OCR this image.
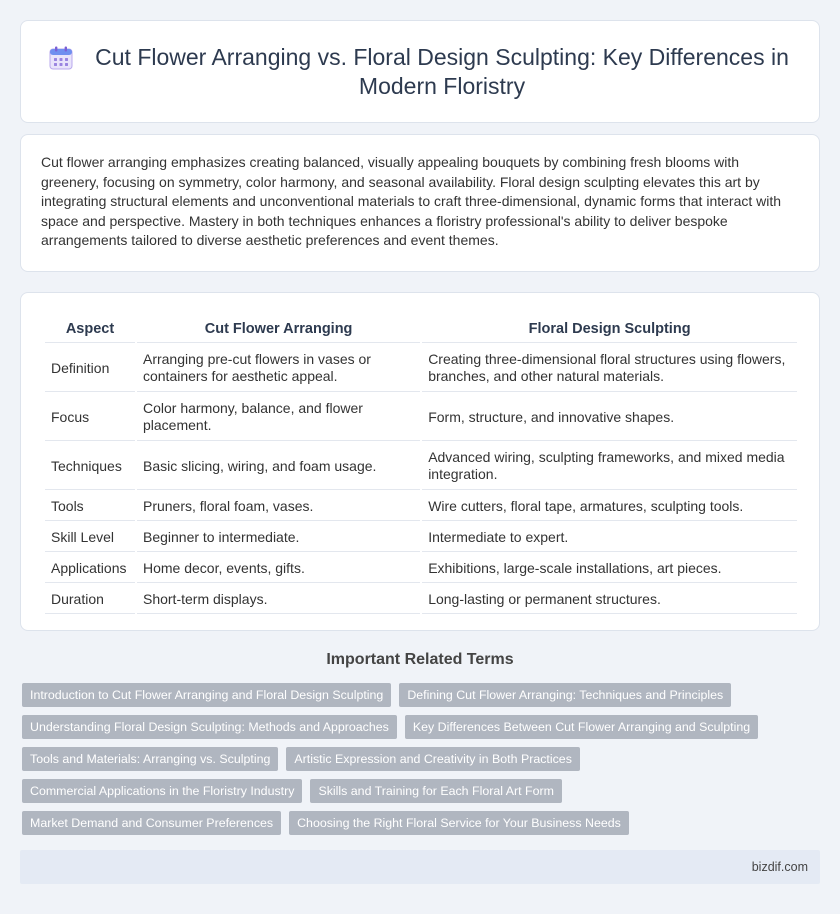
Cut Flower Arranging vs. Floral Design Sculpting: Key Differences in Modern Floristry

Cut flower arranging emphasizes creating balanced, visually appealing bouquets by combining fresh blooms with greenery, focusing on symmetry, color harmony, and seasonal availability. Floral design sculpting elevates this art by integrating structural elements and unconventional materials to craft three-dimensional, dynamic forms that interact with space and perspective. Mastery in both techniques enhances a floristry professional's ability to deliver bespoke arrangements tailored to diverse aesthetic preferences and event themes.

Aspect	Cut Flower Arranging	Floral Design Sculpting
Definition	Arranging pre-cut flowers in vases or containers for aesthetic appeal.	Creating three-dimensional floral structures using flowers, branches, and other natural materials.
Focus	Color harmony, balance, and flower placement.	Form, structure, and innovative shapes.
Techniques	Basic slicing, wiring, and foam usage.	Advanced wiring, sculpting frameworks, and mixed media integration.
Tools	Pruners, floral foam, vases.	Wire cutters, floral tape, armatures, sculpting tools.
Skill Level	Beginner to intermediate.	Intermediate to expert.
Applications	Home decor, events, gifts.	Exhibitions, large-scale installations, art pieces.
Duration	Short-term displays.	Long-lasting or permanent structures.
Important Related Terms
Introduction to Cut Flower Arranging and Floral Design Sculpting	Defining Cut Flower Arranging: Techniques and Principles
Understanding Floral Design Sculpting: Methods and Approaches	Key Differences Between Cut Flower Arranging and Sculpting
Tools and Materials: Arranging vs. Sculpting	Artistic Expression and Creativity in Both Practices
Commercial Applications in the Floristry Industry	Skills and Training for Each Floral Art Form
Market Demand and Consumer Preferences	Choosing the Right Floral Service for Your Business Needs
bizdif.com
